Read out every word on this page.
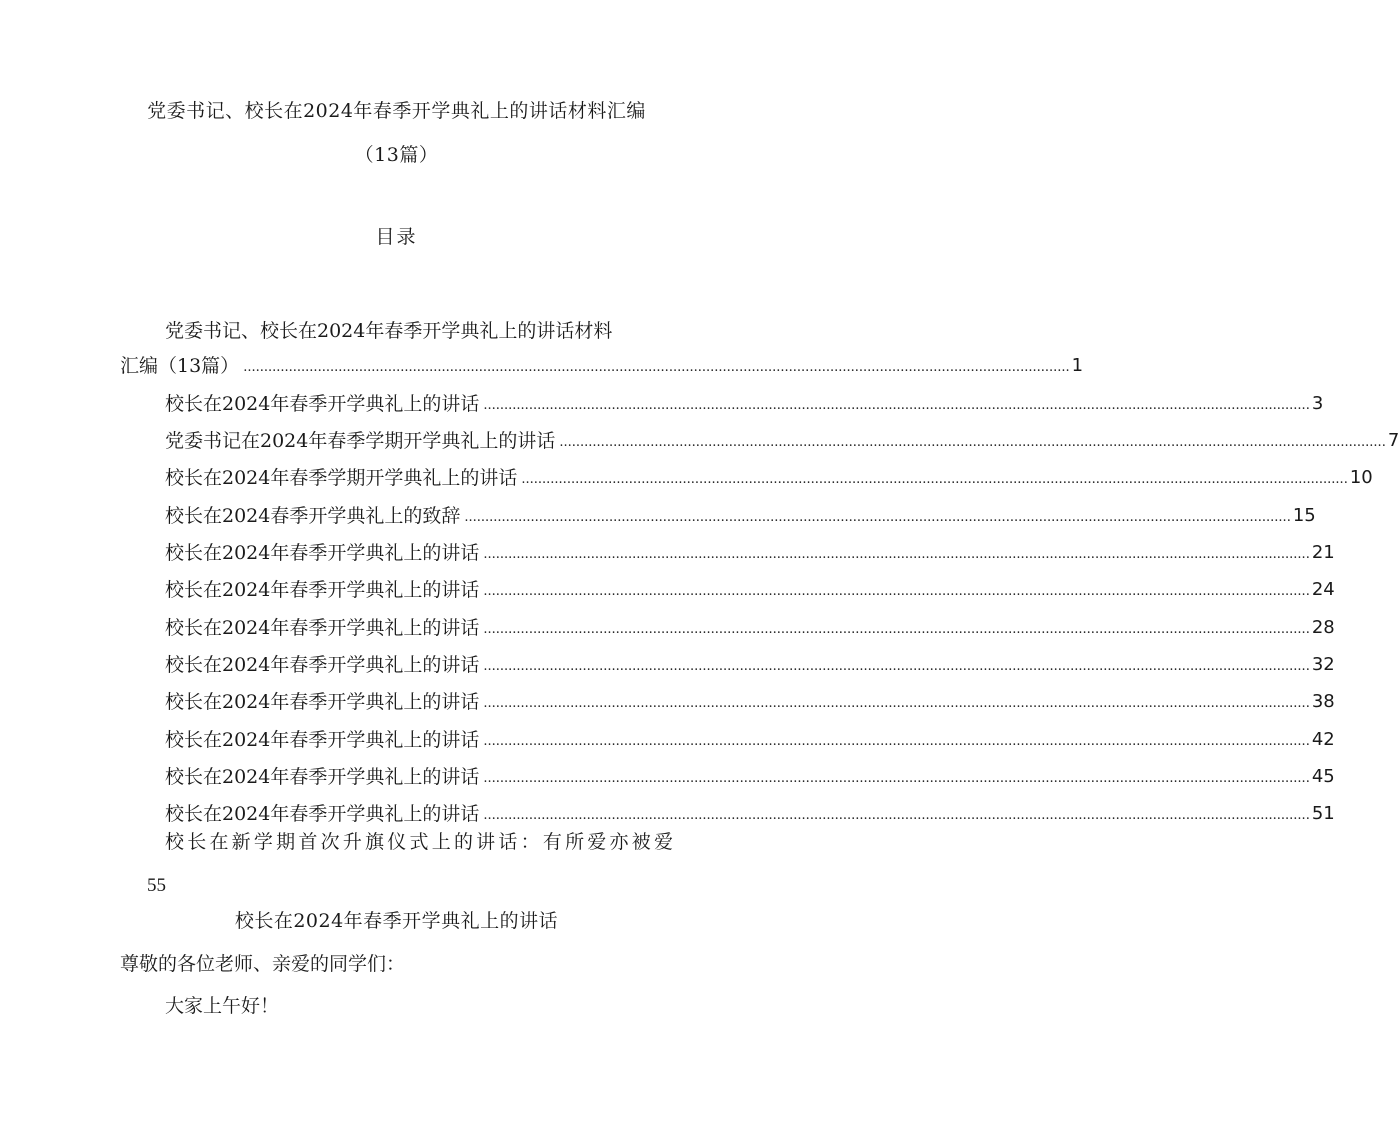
党委书记、校长在2024年春季开学典礼上的讲话材料汇编
（13篇）
目录
党委书记、校长在2024年春季开学典礼上的讲话材料
汇编（13篇） ........................................................................................................................................................................................................ 1
校长在2024年春季开学典礼上的讲话 ........................................................................................................................................................................................................ 3
党委书记在2024年春季学期开学典礼上的讲话 ........................................................................................................................................................................................................ 7
校长在2024年春季学期开学典礼上的讲话 ........................................................................................................................................................................................................ 10
校长在2024春季开学典礼上的致辞 ........................................................................................................................................................................................................ 15
校长在2024年春季开学典礼上的讲话 ........................................................................................................................................................................................................ 21
校长在2024年春季开学典礼上的讲话 ........................................................................................................................................................................................................ 24
校长在2024年春季开学典礼上的讲话 ........................................................................................................................................................................................................ 28
校长在2024年春季开学典礼上的讲话 ........................................................................................................................................................................................................ 32
校长在2024年春季开学典礼上的讲话 ........................................................................................................................................................................................................ 38
校长在2024年春季开学典礼上的讲话 ........................................................................................................................................................................................................ 42
校长在2024年春季开学典礼上的讲话 ........................................................................................................................................................................................................ 45
校长在2024年春季开学典礼上的讲话 ........................................................................................................................................................................................................ 51
校长在新学期首次升旗仪式上的讲话：有所爱亦被爱
55
校长在2024年春季开学典礼上的讲话
尊敬的各位老师、亲爱的同学们：
大家上午好！
